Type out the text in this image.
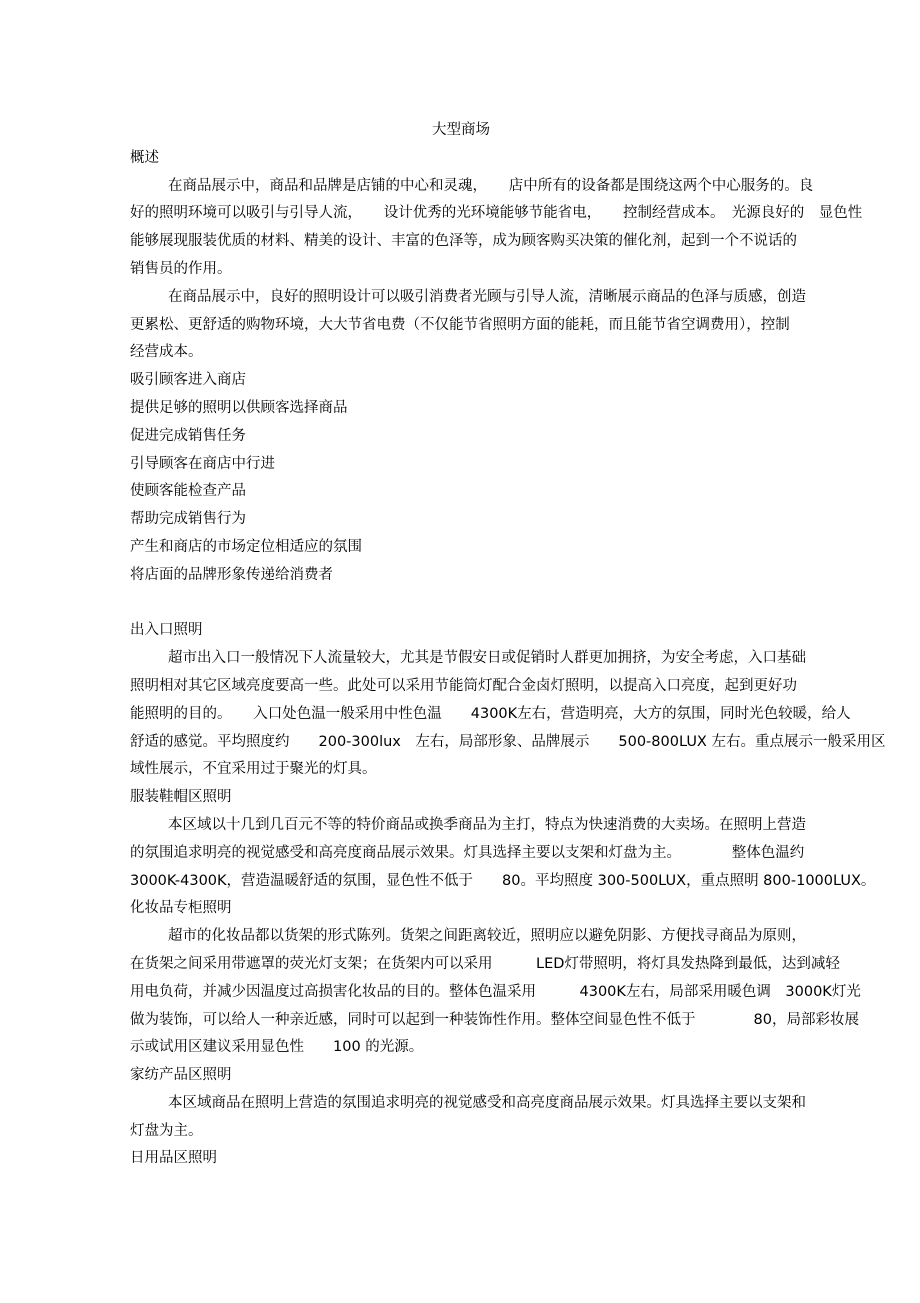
大型商场
概述
在商品展示中，商品和品牌是店铺的中心和灵魂，　　店中所有的设备都是围绕这两个中心服务的。良
好的照明环境可以吸引与引导人流，　　设计优秀的光环境能够节能省电，　　控制经营成本。　光源良好的　显色性
能够展现服装优质的材料、精美的设计、丰富的色泽等，成为顾客购买决策的催化剂，起到一个不说话的
销售员的作用。
在商品展示中，良好的照明设计可以吸引消费者光顾与引导人流，清晰展示商品的色泽与质感，创造
更累松、更舒适的购物环境，大大节省电费（不仅能节省照明方面的能耗，而且能节省空调费用），控制
经营成本。
吸引顾客进入商店
提供足够的照明以供顾客选择商品
促进完成销售任务
引导顾客在商店中行进
使顾客能检查产品
帮助完成销售行为
产生和商店的市场定位相适应的氛围
将店面的品牌形象传递给消费者
出入口照明
超市出入口一般情况下人流量较大，尤其是节假安日或促销时人群更加拥挤，为安全考虑，入口基础
照明相对其它区域亮度要高一些。此处可以采用节能筒灯配合金卤灯照明，以提高入口亮度，起到更好功
能照明的目的。　　入口处色温一般采用中性色温　　4300K左右，营造明亮，大方的氛围，同时光色较暖，给人
舒适的感觉。平均照度约　　200-300lux　左右，局部形象、品牌展示　　500-800LUX 左右。重点展示一般采用区
域性展示，不宜采用过于聚光的灯具。
服装鞋帽区照明
本区域以十几到几百元不等的特价商品或换季商品为主打，特点为快速消费的大卖场。在照明上营造
的氛围追求明亮的视觉感受和高亮度商品展示效果。灯具选择主要以支架和灯盘为主。　　　　整体色温约
3000K-4300K，营造温暖舒适的氛围，显色性不低于　　80。平均照度 300-500LUX，重点照明 800-1000LUX。
化妆品专柜照明
超市的化妆品都以货架的形式陈列。货架之间距离较近，照明应以避免阴影、方便找寻商品为原则，
在货架之间采用带遮罩的荧光灯支架；在货架内可以采用　　　LED灯带照明，将灯具发热降到最低，达到减轻
用电负荷，并减少因温度过高损害化妆品的目的。整体色温采用　　　4300K左右，局部采用暖色调　3000K灯光
做为装饰，可以给人一种亲近感，同时可以起到一种装饰性作用。整体空间显色性不低于　　　　80，局部彩妆展
示或试用区建议采用显色性　　100 的光源。
家纺产品区照明
本区域商品在照明上营造的氛围追求明亮的视觉感受和高亮度商品展示效果。灯具选择主要以支架和
灯盘为主。
日用品区照明
